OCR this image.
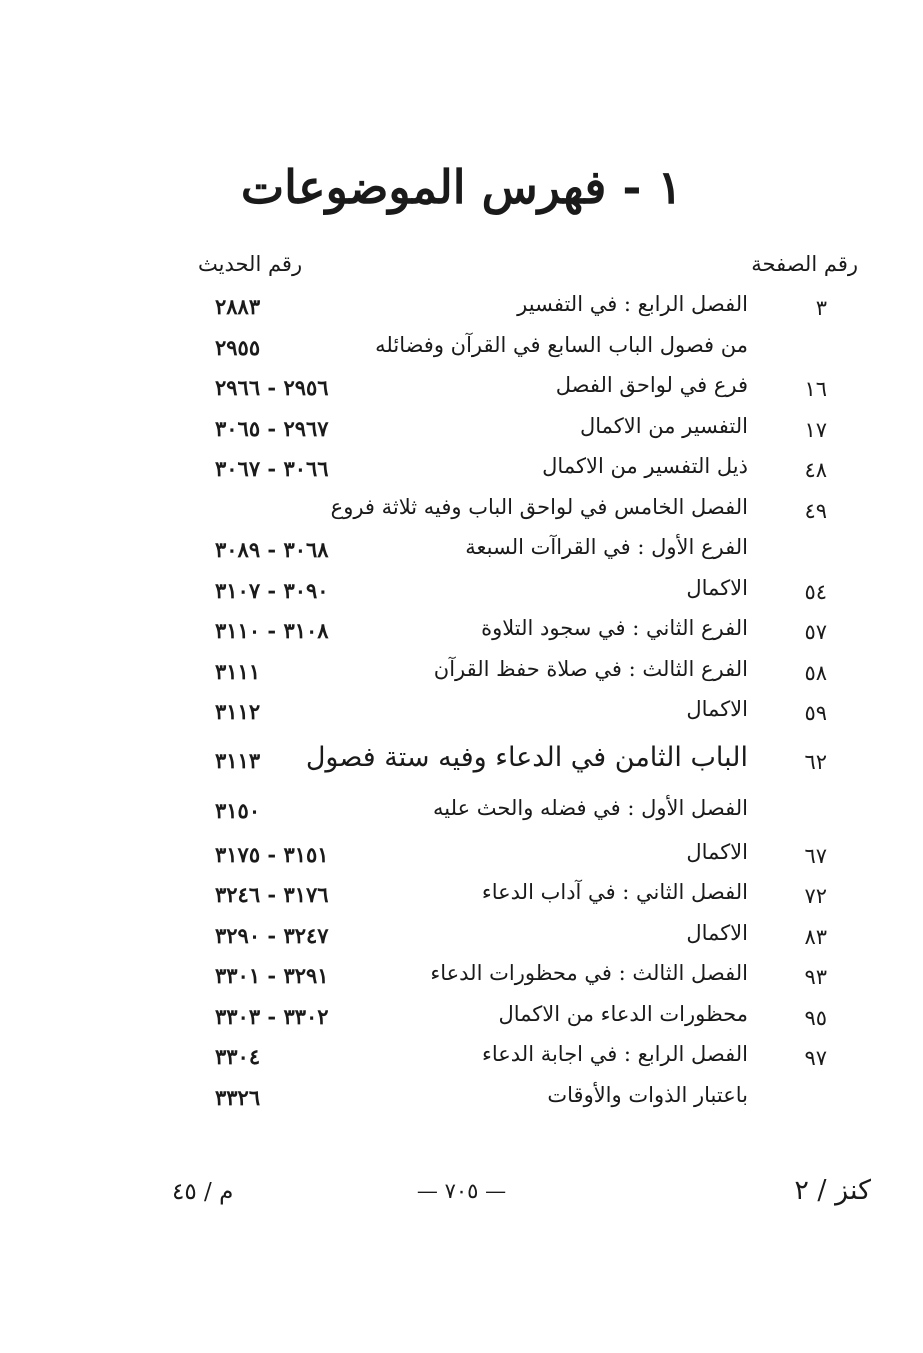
١ - فهرس الموضوعات
رقم الصفحة
رقم الحديث
٣
الفصل الرابع : في التفسير
٢٨٨٣
من فصول الباب السابع في القرآن وفضائله
٢٩٥٥
١٦
فرع في لواحق الفصل
٢٩٥٦ - ٢٩٦٦
١٧
التفسير من الاكمال
٢٩٦٧ - ٣٠٦٥
٤٨
ذيل التفسير من الاكمال
٣٠٦٦ - ٣٠٦٧
٤٩
الفصل الخامس في لواحق الباب وفيه ثلاثة فروع
الفرع الأول : في القراآت السبعة
٣٠٦٨ - ٣٠٨٩
٥٤
الاكمال
٣٠٩٠ - ٣١٠٧
٥٧
الفرع الثاني : في سجود التلاوة
٣١٠٨ - ٣١١٠
٥٨
الفرع الثالث : في صلاة حفظ القرآن
٣١١١
٥٩
الاكمال
٣١١٢
٦٢
الباب الثامن في الدعاء وفيه ستة فصول
٣١١٣
الفصل الأول : في فضله والحث عليه
٣١٥٠
٦٧
الاكمال
٣١٥١ - ٣١٧٥
٧٢
الفصل الثاني : في آداب الدعاء
٣١٧٦ - ٣٢٤٦
٨٣
الاكمال
٣٢٤٧ - ٣٢٩٠
٩٣
الفصل الثالث : في محظورات الدعاء
٣٢٩١ - ٣٣٠١
٩٥
محظورات الدعاء من الاكمال
٣٣٠٢ - ٣٣٠٣
٩٧
الفصل الرابع : في اجابة الدعاء
٣٣٠٤
باعتبار الذوات والأوقات
٣٣٢٦
كنز / ٢
— ٧٠٥ —
م / ٤٥
